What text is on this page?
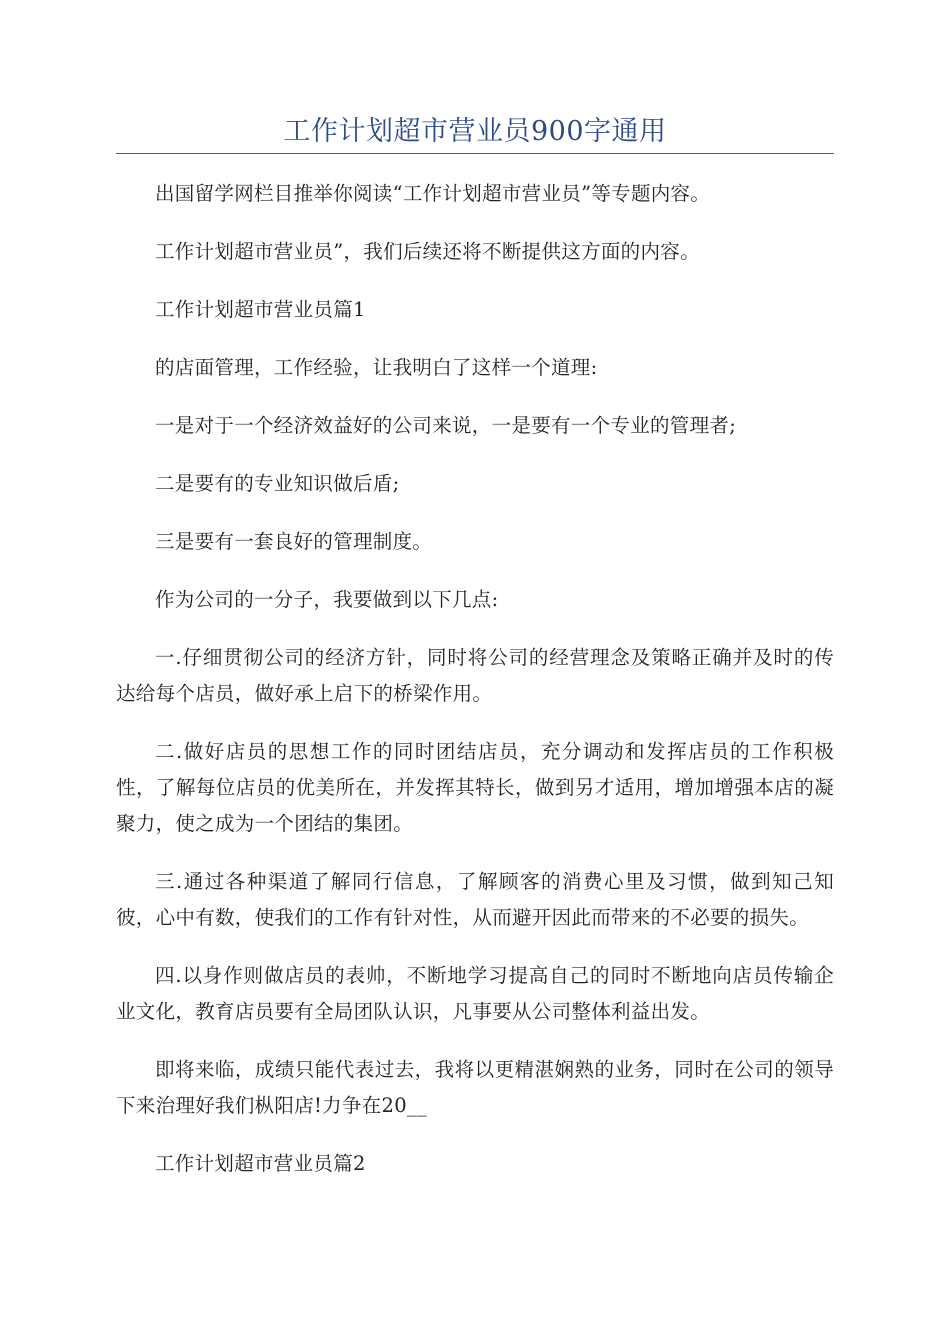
工作计划超市营业员900字通用

出国留学网栏目推举你阅读“工作计划超市营业员”等专题内容。

工作计划超市营业员”，我们后续还将不断提供这方面的内容。

工作计划超市营业员篇1

的店面管理，工作经验，让我明白了这样一个道理:

一是对于一个经济效益好的公司来说，一是要有一个专业的管理者;

二是要有的专业知识做后盾;

三是要有一套良好的管理制度。

作为公司的一分子，我要做到以下几点:

一.仔细贯彻公司的经济方针，同时将公司的经营理念及策略正确并及时的传达给每个店员，做好承上启下的桥梁作用。

二.做好店员的思想工作的同时团结店员，充分调动和发挥店员的工作积极性，了解每位店员的优美所在，并发挥其特长，做到另才适用，增加增强本店的凝聚力，使之成为一个团结的集团。

三.通过各种渠道了解同行信息，了解顾客的消费心里及习惯，做到知己知彼，心中有数，使我们的工作有针对性，从而避开因此而带来的不必要的损失。

四.以身作则做店员的表帅，不断地学习提高自己的同时不断地向店员传输企业文化，教育店员要有全局团队认识，凡事要从公司整体利益出发。

即将来临，成绩只能代表过去，我将以更精湛娴熟的业务，同时在公司的领导下来治理好我们枞阳店!力争在20__

工作计划超市营业员篇2
